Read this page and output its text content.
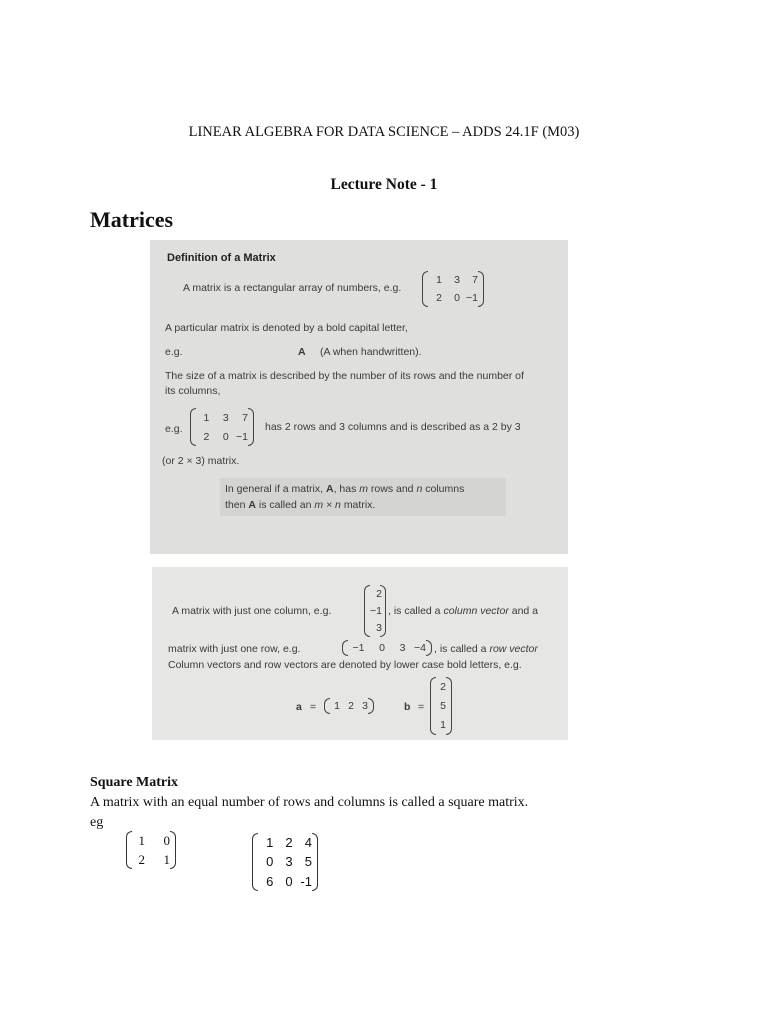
LINEAR ALGEBRA FOR DATA SCIENCE – ADDS 24.1F (M03)
Lecture Note - 1
Matrices
Definition of a Matrix
A matrix is a rectangular array of numbers, e.g.
1 3 7
2 0 −1
A particular matrix is denoted by a bold capital letter,
e.g.	A (A when handwritten).
The size of a matrix is described by the number of its rows and the number of
its columns,
e.g.
1 3 7
2 0 −1
has 2 rows and 3 columns and is described as a 2 by 3
(or 2 × 3) matrix.
In general if a matrix, A, has m rows and n columns
then A is called an m × n matrix.
A matrix with just one column, e.g.
2
−1
3
, is called a column vector and a
matrix with just one row, e.g.	−1 0 3 −4 , is called a row vector
Column vectors and row vectors are denoted by lower case bold letters, e.g.
a = 1 2 3	b =
2
5
1
Square Matrix
A matrix with an equal number of rows and columns is called a square matrix.
eg
1 0
2 1
1 2 4
0 3 5
6 0 -1
